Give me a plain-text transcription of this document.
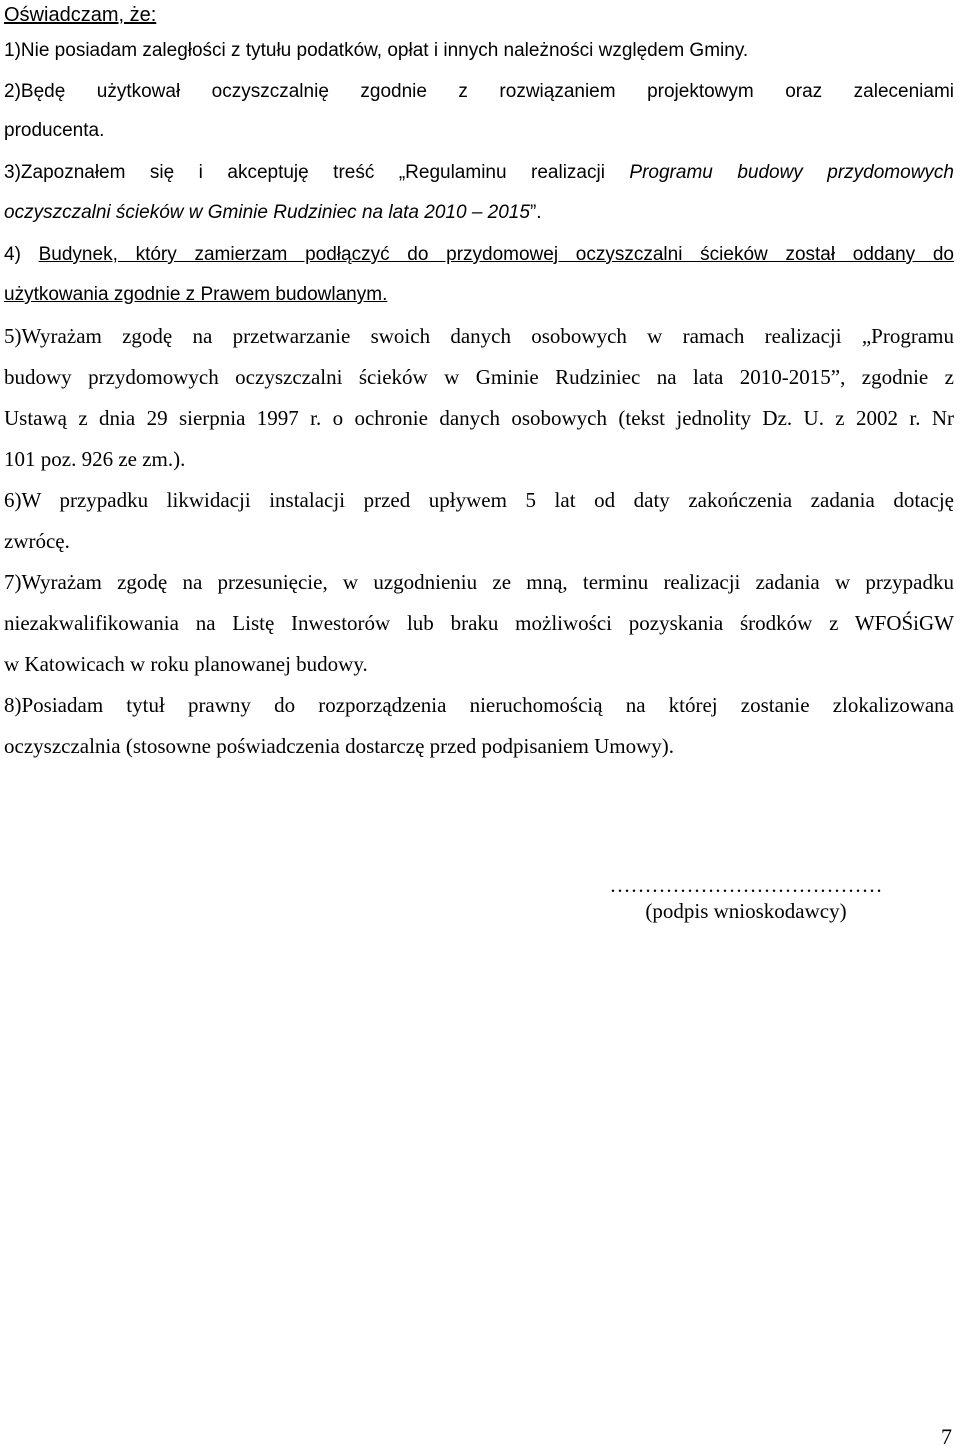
Oświadczam, że:
1)Nie posiadam zaległości z tytułu podatków, opłat i innych należności względem Gminy.
2)Będę użytkował oczyszczalnię zgodnie z rozwiązaniem projektowym oraz zaleceniami
producenta.
3)Zapoznałem się i akceptuję treść „Regulaminu realizacji Programu budowy przydomowych
oczyszczalni ścieków w Gminie Rudziniec na lata 2010 – 2015”.
4) Budynek, który zamierzam podłączyć do przydomowej oczyszczalni ścieków został oddany do
użytkowania zgodnie z Prawem budowlanym.
5)Wyrażam zgodę na przetwarzanie swoich danych osobowych w ramach realizacji „Programu
budowy przydomowych oczyszczalni ścieków w Gminie Rudziniec na lata 2010-2015”, zgodnie z
Ustawą z dnia 29 sierpnia 1997 r. o ochronie danych osobowych (tekst jednolity Dz. U. z 2002 r. Nr
101 poz. 926 ze zm.).
6)W przypadku likwidacji instalacji przed upływem 5 lat od daty zakończenia zadania dotację
zwrócę.
7)Wyrażam zgodę na przesunięcie, w uzgodnieniu ze mną, terminu realizacji zadania w przypadku
niezakwalifikowania na Listę Inwestorów lub braku możliwości pozyskania środków z WFOŚiGW
w Katowicach w roku planowanej budowy.
8)Posiadam tytuł prawny do rozporządzenia nieruchomością na której zostanie zlokalizowana
oczyszczalnia (stosowne poświadczenia dostarczę przed podpisaniem Umowy).
…………………………………
(podpis wnioskodawcy)
7
